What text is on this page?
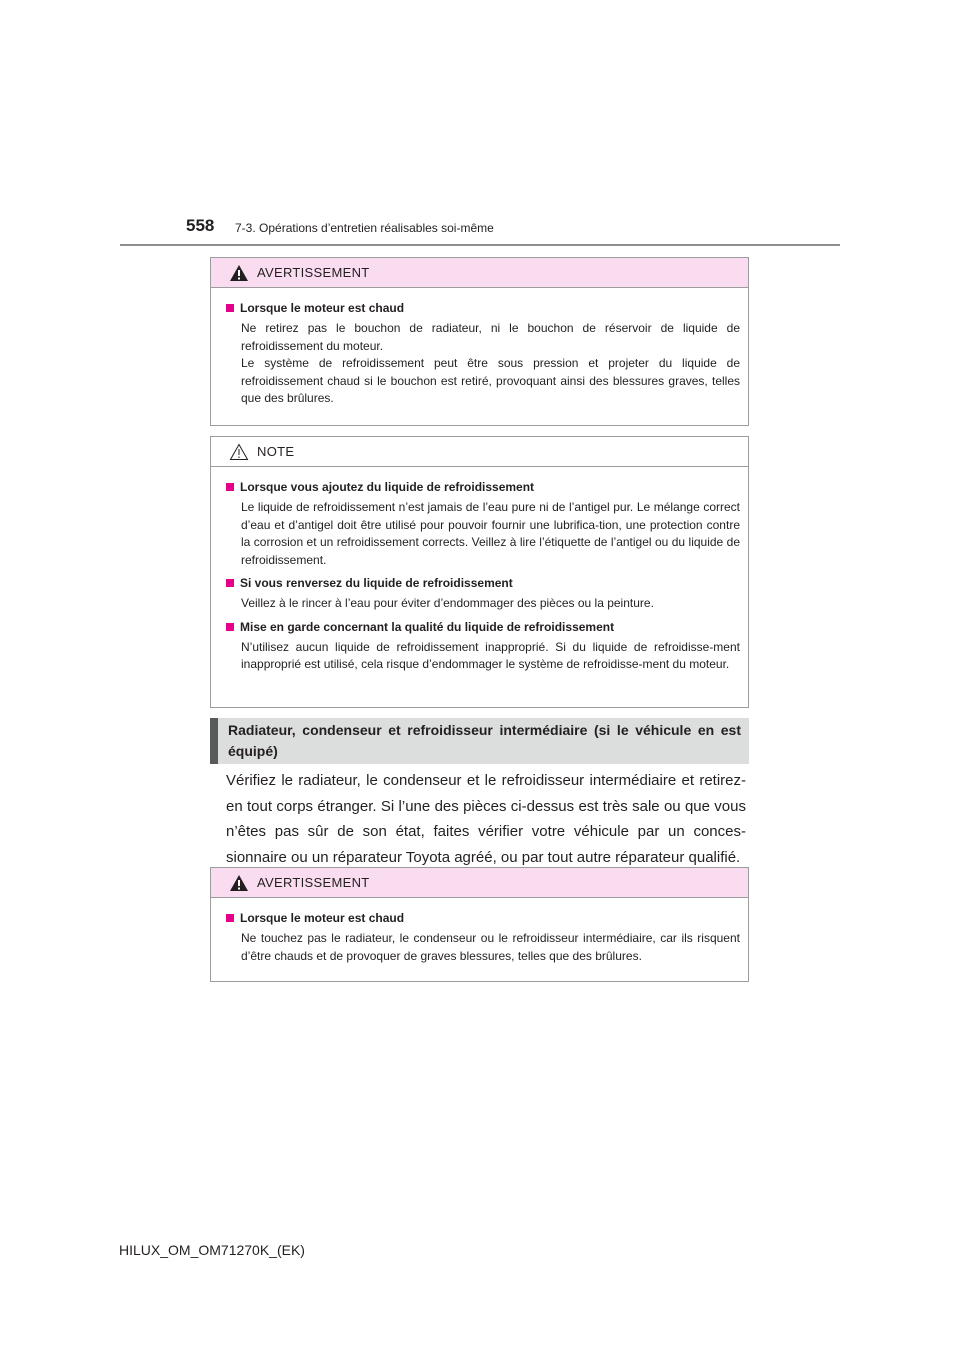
558 7-3. Opérations d’entretien réalisables soi-même
AVERTISSEMENT
Lorsque le moteur est chaud

Ne retirez pas le bouchon de radiateur, ni le bouchon de réservoir de liquide de refroidissement du moteur.

Le système de refroidissement peut être sous pression et projeter du liquide de refroidissement chaud si le bouchon est retiré, provoquant ainsi des blessures graves, telles que des brûlures.

NOTE
Lorsque vous ajoutez du liquide de refroidissement

Le liquide de refroidissement n’est jamais de l’eau pure ni de l’antigel pur. Le mélange correct d’eau et d’antigel doit être utilisé pour pouvoir fournir une lubrifica-tion, une protection contre la corrosion et un refroidissement corrects. Veillez à lire l’étiquette de l’antigel ou du liquide de refroidissement.

Si vous renversez du liquide de refroidissement

Veillez à le rincer à l’eau pour éviter d’endommager des pièces ou la peinture.

Mise en garde concernant la qualité du liquide de refroidissement

N’utilisez aucun liquide de refroidissement inapproprié. Si du liquide de refroidisse-ment inapproprié est utilisé, cela risque d’endommager le système de refroidisse-ment du moteur.

Radiateur, condenseur et refroidisseur intermédiaire (si le véhicule en est équipé)

Vérifiez le radiateur, le condenseur et le refroidisseur intermédiaire et retirez-en tout corps étranger. Si l’une des pièces ci-dessus est très sale ou que vous n’êtes pas sûr de son état, faites vérifier votre véhicule par un conces-sionnaire ou un réparateur Toyota agréé, ou par tout autre réparateur qualifié.

AVERTISSEMENT
Lorsque le moteur est chaud

Ne touchez pas le radiateur, le condenseur ou le refroidisseur intermédiaire, car ils risquent d’être chauds et de provoquer de graves blessures, telles que des brûlures.

HILUX_OM_OM71270K_(EK)
